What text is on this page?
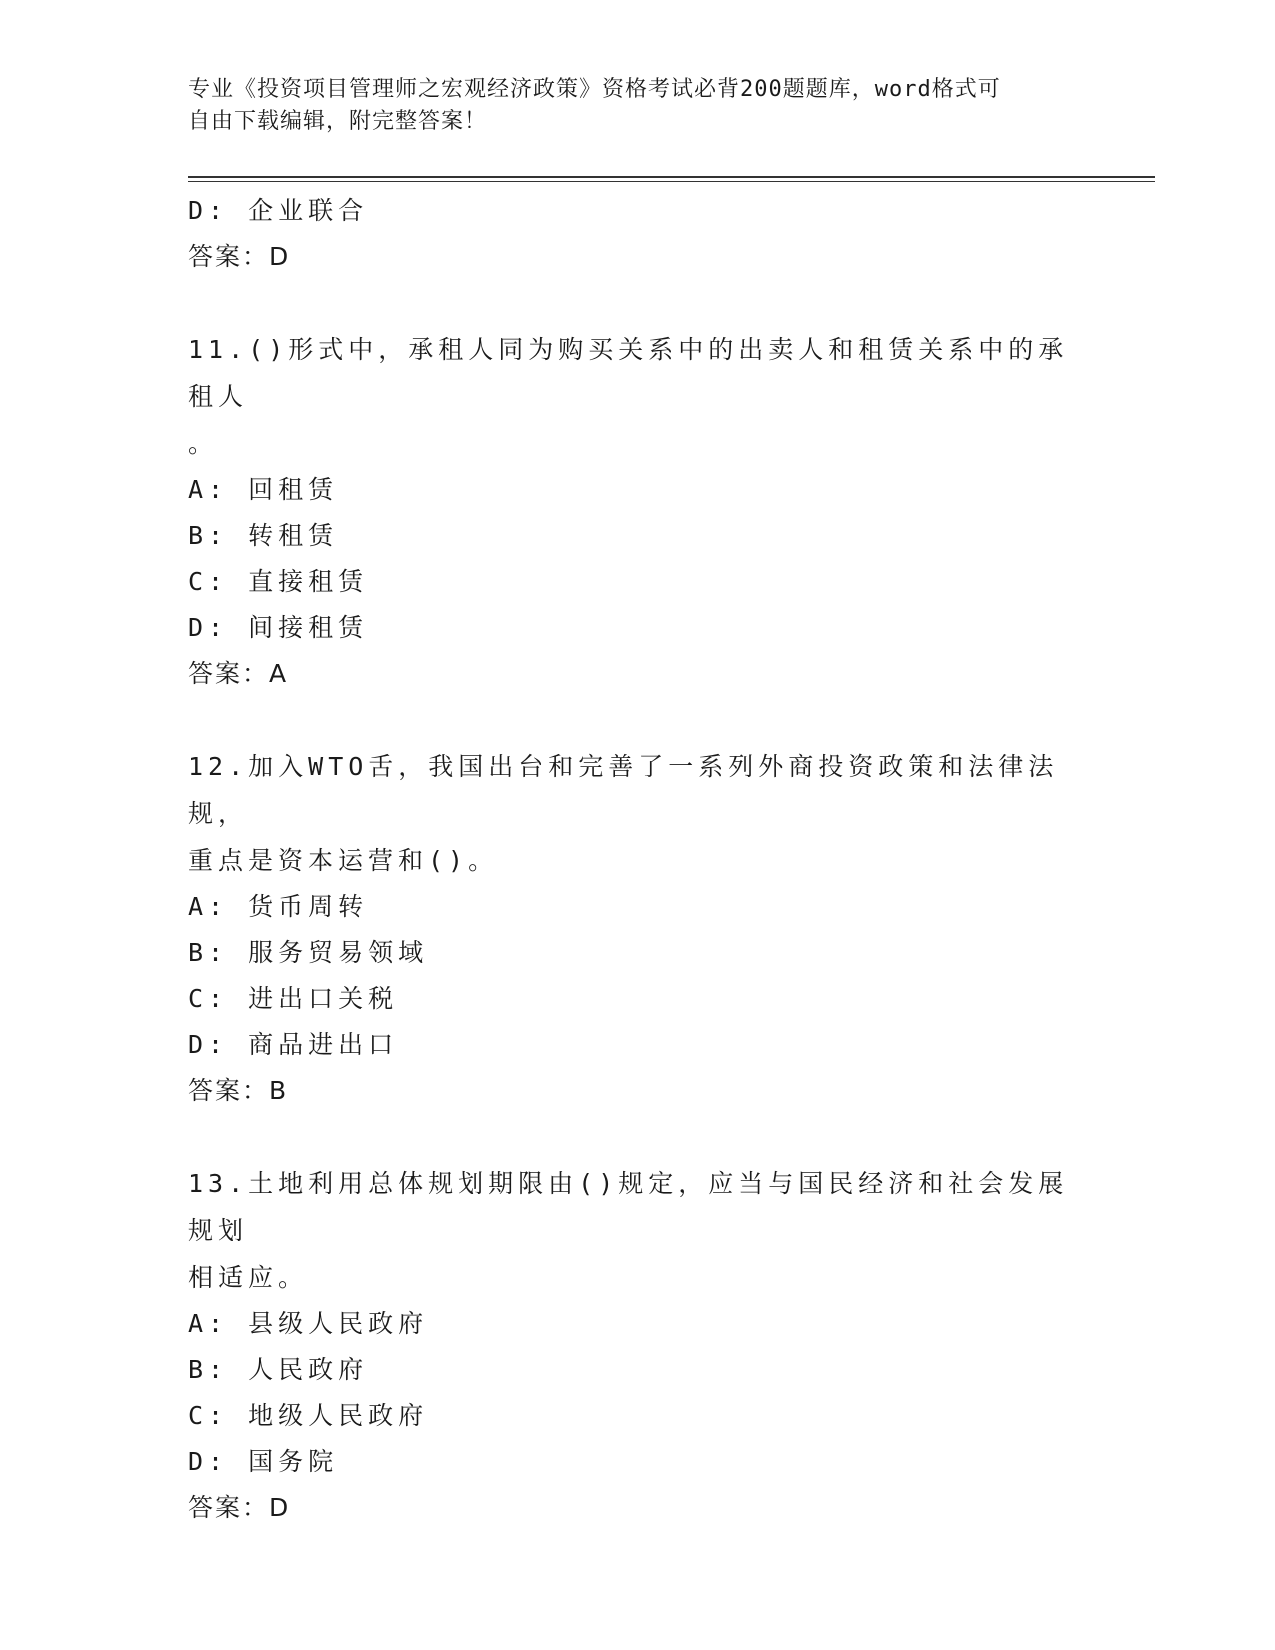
专业《投资项目管理师之宏观经济政策》资格考试必背200题题库，word格式可
自由下载编辑，附完整答案！
D: 企业联合
答案：D
11.()形式中，承租人同为购买关系中的出卖人和租赁关系中的承租人
。
A: 回租赁
B: 转租赁
C: 直接租赁
D: 间接租赁
答案：A
12.加入WTO舌，我国出台和完善了一系列外商投资政策和法律法规，
重点是资本运营和()。
A: 货币周转
B: 服务贸易领域
C: 进出口关税
D: 商品进出口
答案：B
13.土地利用总体规划期限由()规定，应当与国民经济和社会发展规划
相适应。
A: 县级人民政府
B: 人民政府
C: 地级人民政府
D: 国务院
答案：D
